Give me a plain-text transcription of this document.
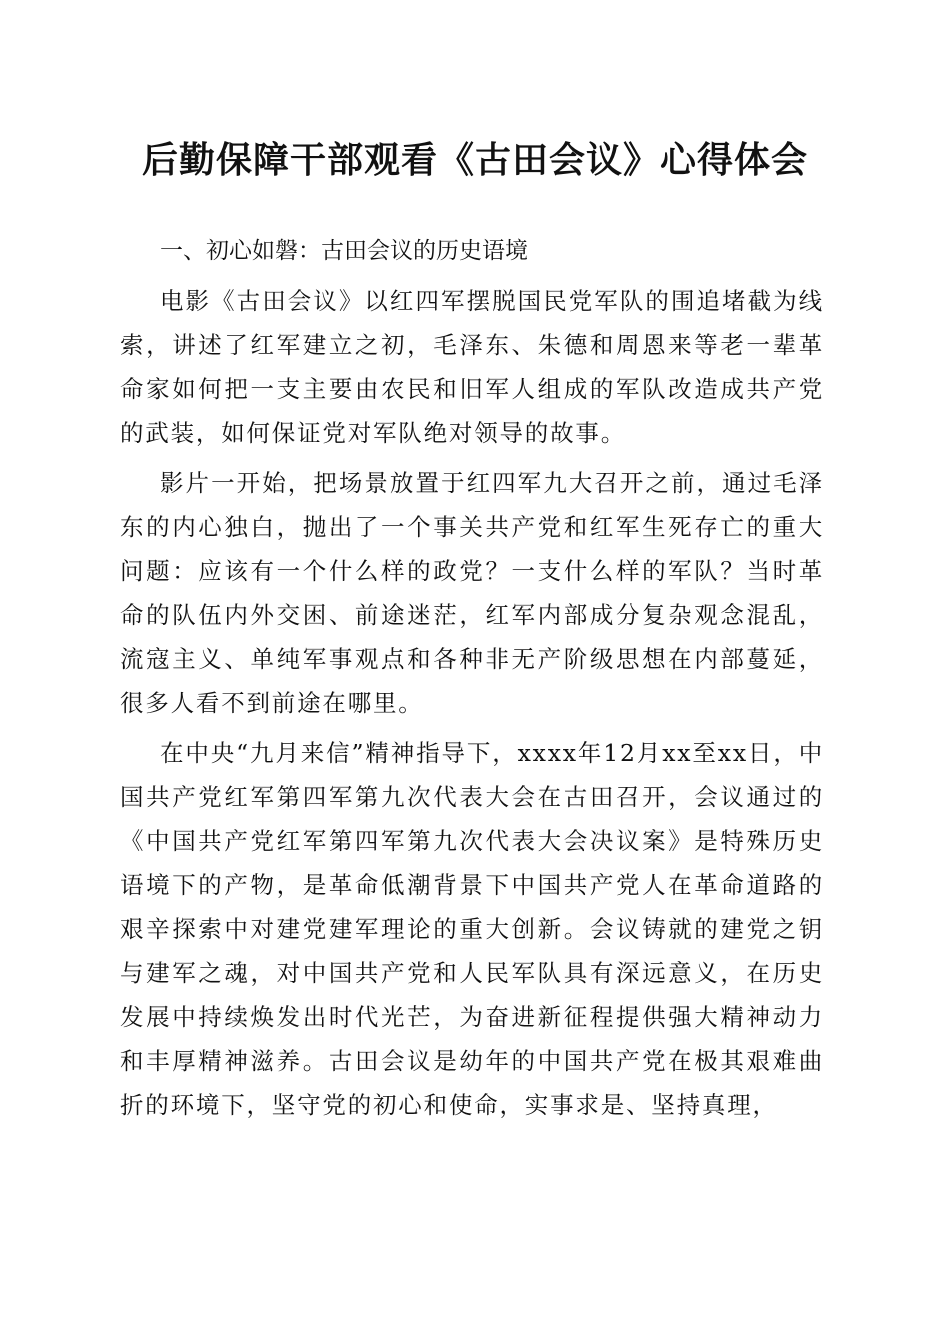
后勤保障干部观看《古田会议》心得体会
一、初心如磐：古田会议的历史语境

电影《古田会议》以红四军摆脱国民党军队的围追堵截为线索，讲述了红军建立之初，毛泽东、朱德和周恩来等老一辈革命家如何把一支主要由农民和旧军人组成的军队改造成共产党的武装，如何保证党对军队绝对领导的故事。

影片一开始，把场景放置于红四军九大召开之前，通过毛泽东的内心独白，抛出了一个事关共产党和红军生死存亡的重大问题：应该有一个什么样的政党？一支什么样的军队？当时革命的队伍内外交困、前途迷茫，红军内部成分复杂观念混乱，流寇主义、单纯军事观点和各种非无产阶级思想在内部蔓延，很多人看不到前途在哪里。

在中央“九月来信”精神指导下，xxxx年12月xx至xx日，中国共产党红军第四军第九次代表大会在古田召开，会议通过的《中国共产党红军第四军第九次代表大会决议案》是特殊历史语境下的产物，是革命低潮背景下中国共产党人在革命道路的艰辛探索中对建党建军理论的重大创新。会议铸就的建党之钥与建军之魂，对中国共产党和人民军队具有深远意义，在历史发展中持续焕发出时代光芒，为奋进新征程提供强大精神动力和丰厚精神滋养。古田会议是幼年的中国共产党在极其艰难曲折的环境下，坚守党的初心和使命，实事求是、坚持真理，
